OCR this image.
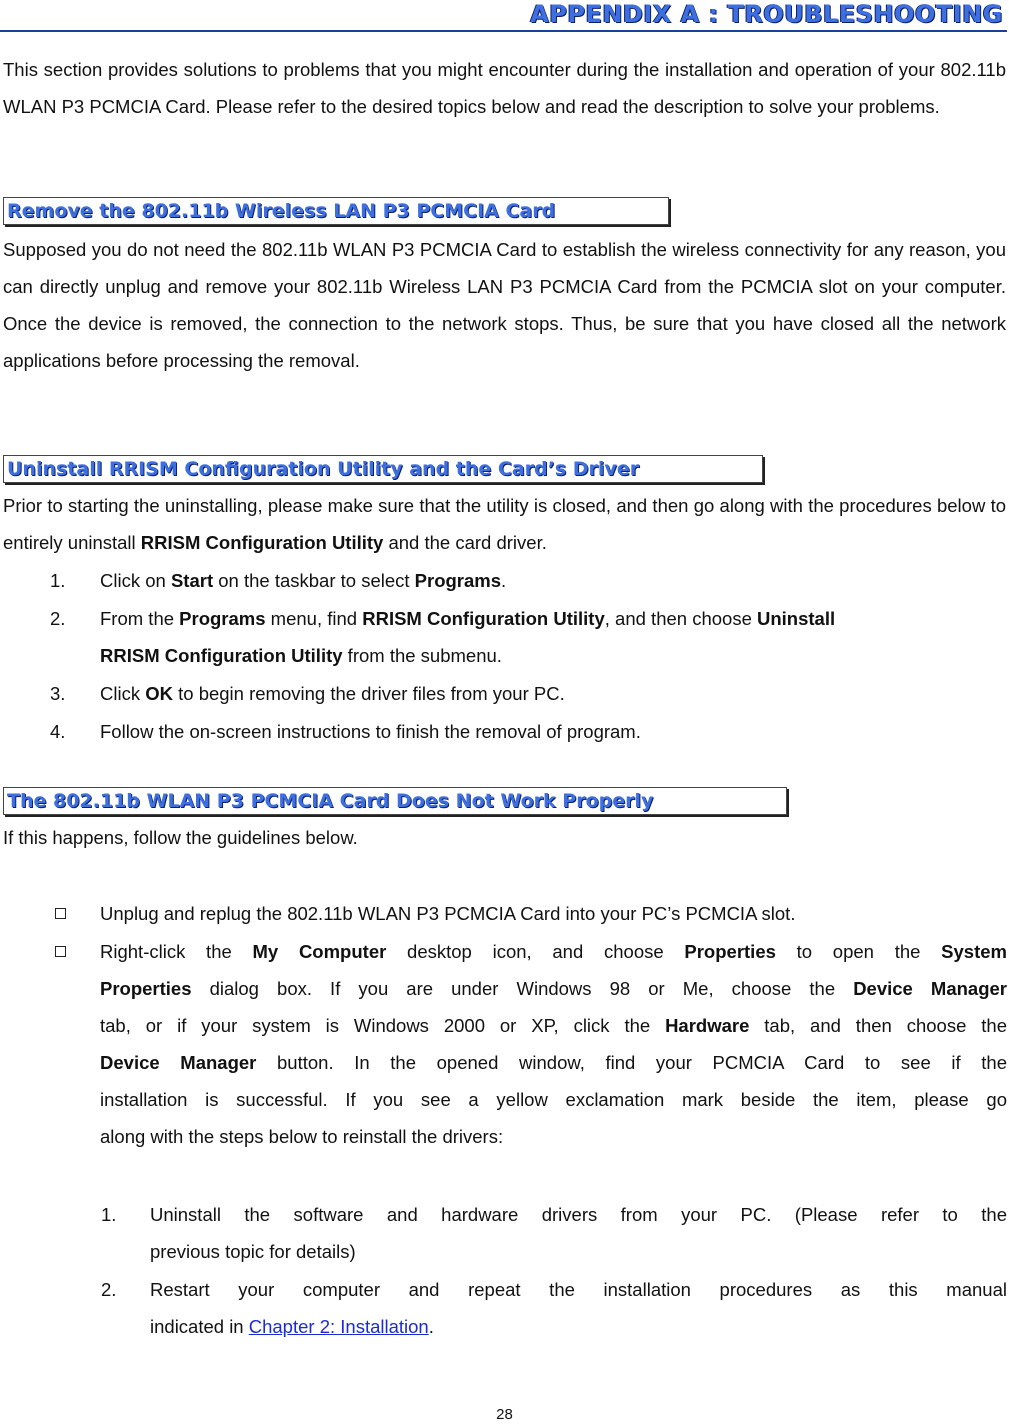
APPENDIX A : TROUBLESHOOTING

This section provides solutions to problems that you might encounter during the installation and operation of your 802.11b WLAN P3 PCMCIA Card. Please refer to the desired topics below and read the description to solve your problems.

Remove the 802.11b Wireless LAN P3 PCMCIA Card

Supposed you do not need the 802.11b WLAN P3 PCMCIA Card to establish the wireless connectivity for any reason, you can directly unplug and remove your 802.11b Wireless LAN P3 PCMCIA Card from the PCMCIA slot on your computer. Once the device is removed, the connection to the network stops. Thus, be sure that you have closed all the network applications before processing the removal.

Uninstall RRISM Configuration Utility and the Card’s Driver

Prior to starting the uninstalling, please make sure that the utility is closed, and then go along with the procedures below to entirely uninstall RRISM Configuration Utility and the card driver.

1. Click on Start on the taskbar to select Programs.
2. From the Programs menu, find RRISM Configuration Utility, and then choose Uninstall
RRISM Configuration Utility from the submenu.
3. Click OK to begin removing the driver files from your PC.
4. Follow the on-screen instructions to finish the removal of program.
The 802.11b WLAN P3 PCMCIA Card Does Not Work Properly

If this happens, follow the guidelines below.

Unplug and replug the 802.11b WLAN P3 PCMCIA Card into your PC’s PCMCIA slot.
Right-click the My Computer desktop icon, and choose Properties to open the System
Properties dialog box. If you are under Windows 98 or Me, choose the Device Manager
tab, or if your system is Windows 2000 or XP, click the Hardware tab, and then choose the
Device Manager button. In the opened window, find your PCMCIA Card to see if the
installation is successful. If you see a yellow exclamation mark beside the item, please go
along with the steps below to reinstall the drivers:
1. Uninstall the software and hardware drivers from your PC. (Please refer to the
previous topic for details)
2. Restart your computer and repeat the installation procedures as this manual
indicated in Chapter 2: Installation.
28
